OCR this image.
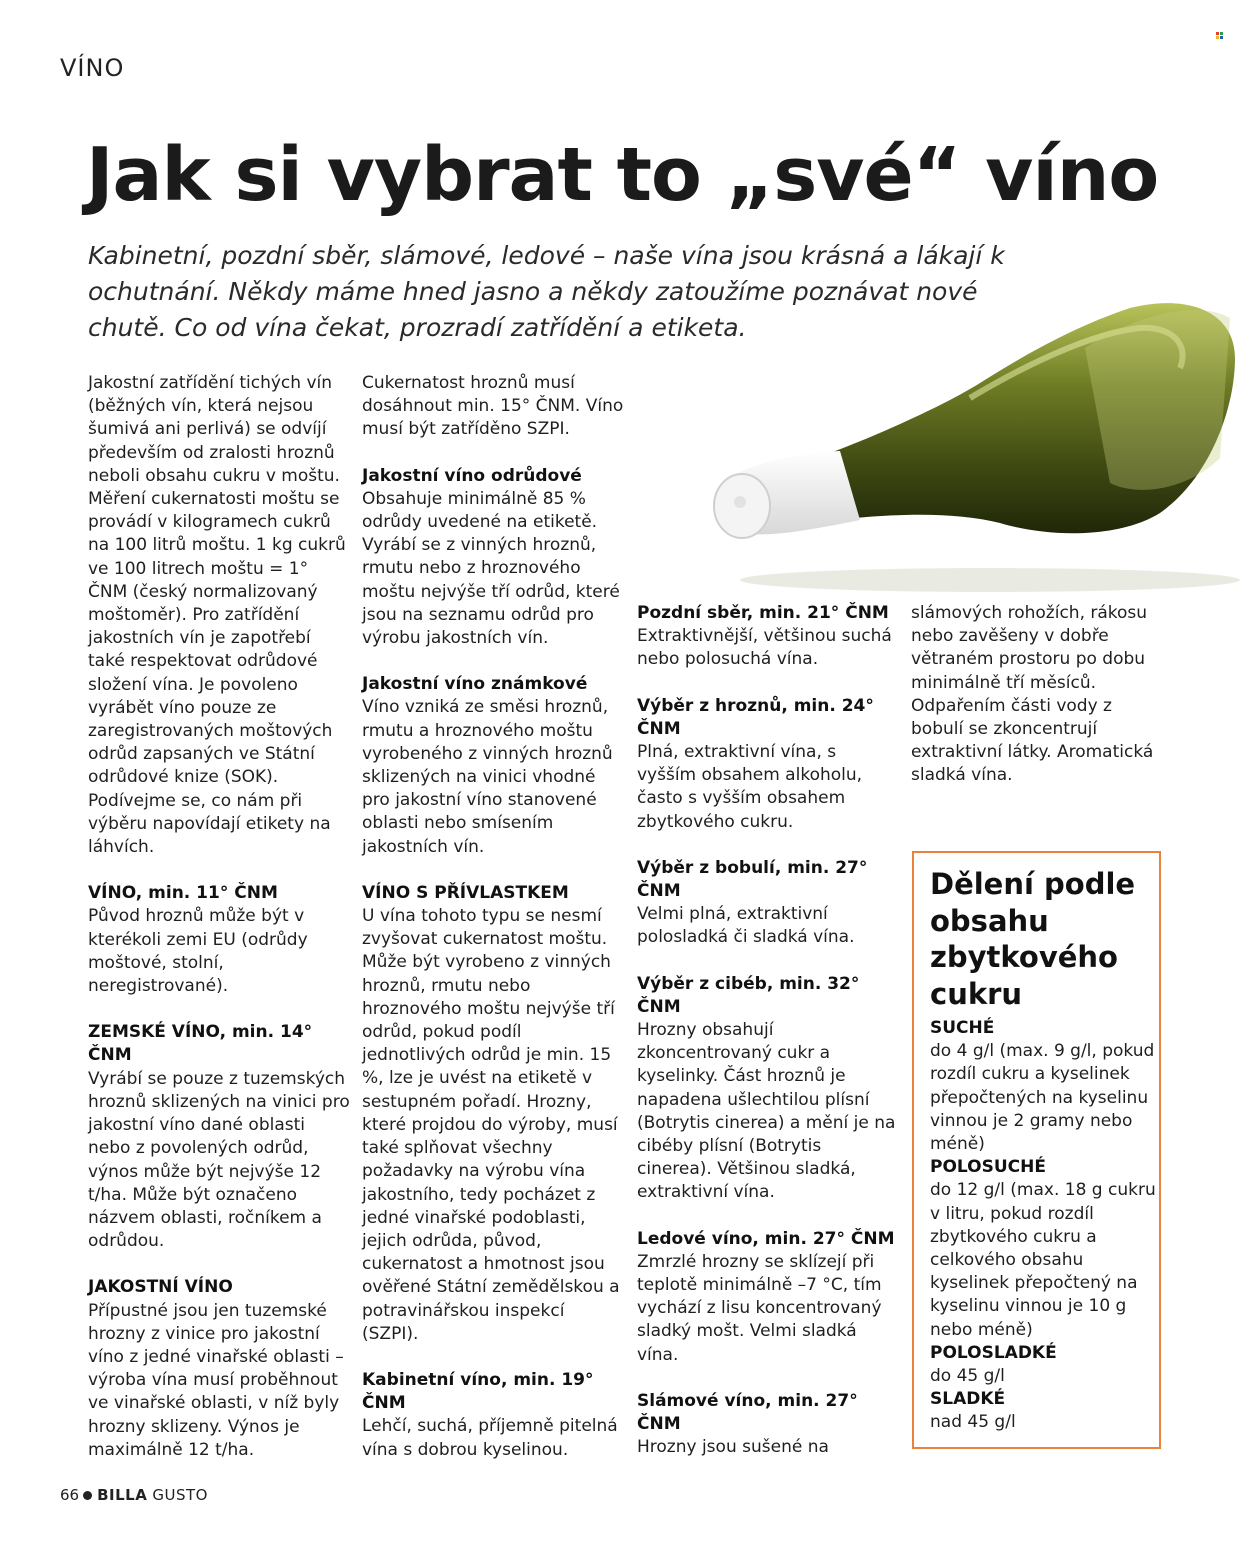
VÍNO
Jak si vybrat to „své“ víno

Kabinetní, pozdní sběr, slámové, ledové – naše vína jsou krásná a lákají k ochutnání. Někdy máme hned jasno a někdy zatoužíme poznávat nové chutě. Co od vína čekat, prozradí zatřídění a etiketa.

Jakostní zatřídění tichých vín (běžných vín, která nejsou šumivá ani perlivá) se odvíjí především od zralosti hroznů neboli obsahu cukru v moštu. Měření cukernatosti moštu se provádí v kilogramech cukrů na 100 litrů moštu. 1 kg cukrů ve 100 litrech moštu = 1° ČNM (český normalizovaný moštoměr). Pro zatřídění jakostních vín je zapotřebí také respektovat odrůdové složení vína. Je povoleno vyrábět víno pouze ze zaregistrovaných moštových odrůd zapsaných ve Státní odrůdové knize (SOK). Podívejme se, co nám při výběru napovídají etikety na láhvích.

VÍNO, min. 11° ČNM

Původ hroznů může být v kterékoli zemi EU (odrůdy moštové, stolní, neregistrované).

ZEMSKÉ VÍNO, min. 14° ČNM

Vyrábí se pouze z tuzemských hroznů sklizených na vinici pro jakostní víno dané oblasti nebo z povolených odrůd, výnos může být nejvýše 12 t/ha. Může být označeno názvem oblasti, ročníkem a odrůdou.

JAKOSTNÍ VÍNO

Přípustné jsou jen tuzemské hrozny z vinice pro jakostní víno z jedné vinařské oblasti – výroba vína musí proběhnout ve vinařské oblasti, v níž byly hrozny sklizeny. Výnos je maximálně 12 t/ha.

Cukernatost hroznů musí dosáhnout min. 15° ČNM. Víno musí být zatříděno SZPI.

Jakostní víno odrůdové

Obsahuje minimálně 85 % odrůdy uvedené na etiketě. Vyrábí se z vinných hroznů, rmutu nebo z hroznového moštu nejvýše tří odrůd, které jsou na seznamu odrůd pro výrobu jakostních vín.

Jakostní víno známkové

Víno vzniká ze směsi hroznů, rmutu a hroznového moštu vyrobeného z vinných hroznů sklizených na vinici vhodné pro jakostní víno stanovené oblasti nebo smísením jakostních vín.

VÍNO S PŘÍVLASTKEM

U vína tohoto typu se nesmí zvyšovat cukernatost moštu. Může být vyrobeno z vinných hroznů, rmutu nebo hroznového moštu nejvýše tří odrůd, pokud podíl jednotlivých odrůd je min. 15 %, lze je uvést na etiketě v sestupném pořadí. Hrozny, které projdou do výroby, musí také splňovat všechny požadavky na výrobu vína jakostního, tedy pocházet z jedné vinařské podoblasti, jejich odrůda, původ, cukernatost a hmotnost jsou ověřené Státní zemědělskou a potravinářskou inspekcí (SZPI).

Kabinetní víno, min. 19° ČNM

Lehčí, suchá, příjemně pitelná vína s dobrou kyselinou.

Pozdní sběr, min. 21° ČNM

Extraktivnější, většinou suchá nebo polosuchá vína.

Výběr z hroznů, min. 24° ČNM

Plná, extraktivní vína, s vyšším obsahem alkoholu, často s vyšším obsahem zbytkového cukru.

Výběr z bobulí, min. 27° ČNM

Velmi plná, extraktivní polosladká či sladká vína.

Výběr z cibéb, min. 32° ČNM

Hrozny obsahují zkoncentrovaný cukr a kyselinky. Část hroznů je napadena ušlechtilou plísní (Botrytis cinerea) a mění je na cibéby plísní (Botrytis cinerea). Většinou sladká, extraktivní vína.

Ledové víno, min. 27° ČNM

Zmrzlé hrozny se sklízejí při teplotě minimálně –7 °C, tím vychází z lisu koncentrovaný sladký mošt. Velmi sladká vína.

Slámové víno, min. 27° ČNM

Hrozny jsou sušené na

slámových rohožích, rákosu nebo zavěšeny v dobře větraném prostoru po dobu minimálně tří měsíců. Odpařením části vody z bobulí se zkoncentrují extraktivní látky. Aromatická sladká vína.

Dělení podle obsahu zbytkového cukru
SUCHÉ

do 4 g/l (max. 9 g/l, pokud rozdíl cukru a kyselinek přepočtených na kyselinu vinnou je 2 gramy nebo méně)

POLOSUCHÉ

do 12 g/l (max. 18 g cukru v litru, pokud rozdíl zbytkového cukru a celkového obsahu kyselinek přepočtený na kyselinu vinnou je 10 g nebo méně)

POLOSLADKÉ

do 45 g/l

SLADKÉ

nad 45 g/l

66 BILLA GUSTO
